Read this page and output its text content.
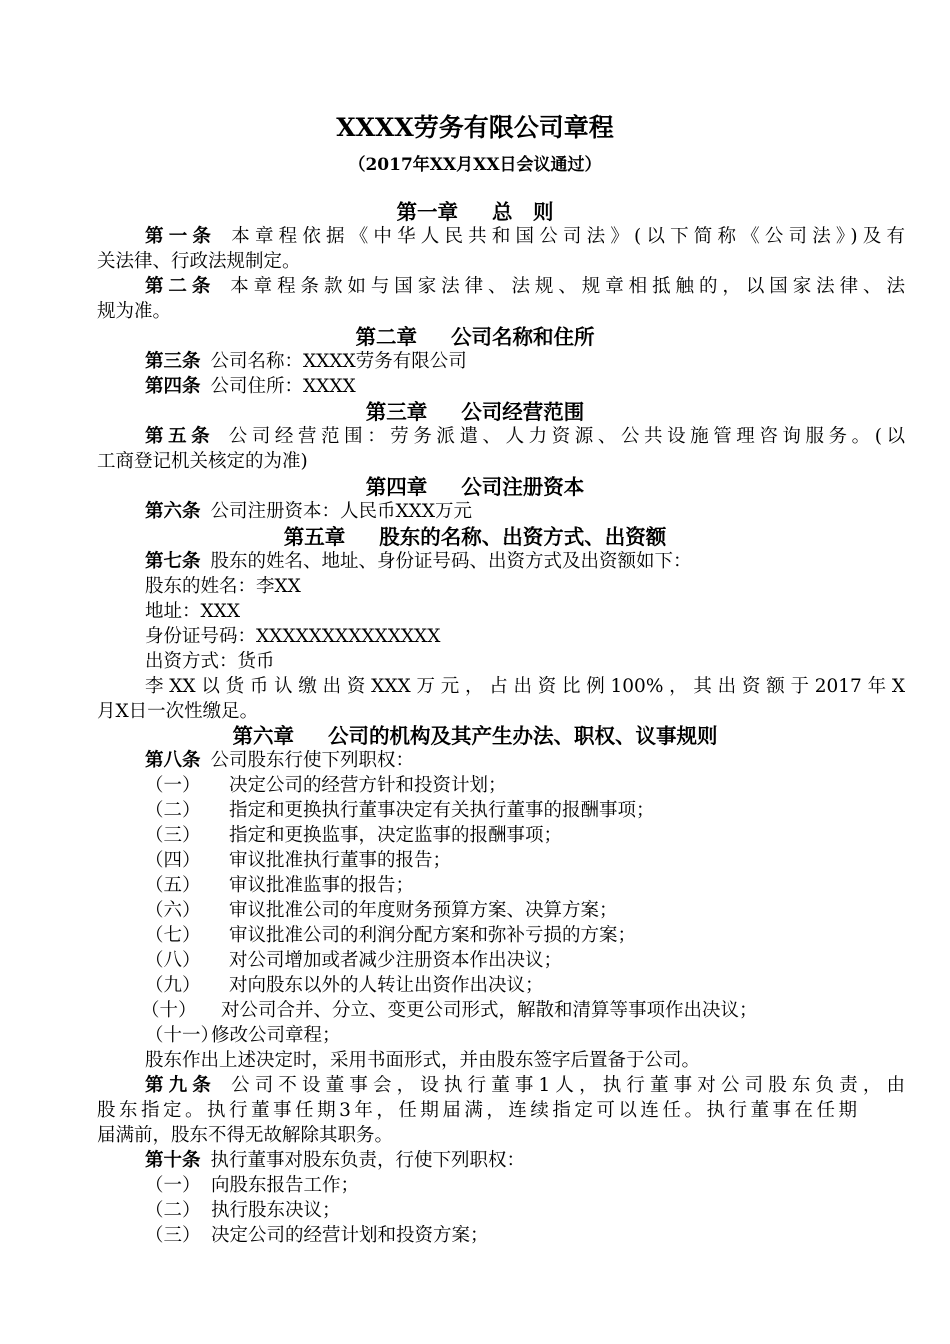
XXXX劳务有限公司章程
（2017年XX月XX日会议通过）
第一章 总　则
第一条 本章程依据《中华人民共和国公司法》(以下简称《公司法》)及有
关法律、行政法规制定。
第二条 本章程条款如与国家法律、法规、规章相抵触的，以国家法律、法
规为准。
第二章 公司名称和住所
第三条 公司名称：XXXX劳务有限公司
第四条 公司住所：XXXX
第三章 公司经营范围
第五条 公司经营范围：劳务派遣、人力资源、公共设施管理咨询服务。(以
工商登记机关核定的为准)
第四章 公司注册资本
第六条 公司注册资本：人民币XXX万元
第五章 股东的名称、出资方式、出资额
第七条 股东的姓名、地址、身份证号码、出资方式及出资额如下：
股东的姓名：李XX
地址：XXX
身份证号码：XXXXXXXXXXXXXX
出资方式：货币
李XX以货币认缴出资XXX万元，占出资比例100%，其出资额于2017年X
月X日一次性缴足。
第六章 公司的机构及其产生办法、职权、议事规则
第八条 公司股东行使下列职权：
（一） 决定公司的经营方针和投资计划；
（二） 指定和更换执行董事决定有关执行董事的报酬事项；
（三） 指定和更换监事，决定监事的报酬事项；
（四） 审议批准执行董事的报告；
（五） 审议批准监事的报告；
（六） 审议批准公司的年度财务预算方案、决算方案；
（七） 审议批准公司的利润分配方案和弥补亏损的方案；
（八） 对公司增加或者减少注册资本作出决议；
（九） 对向股东以外的人转让出资作出决议；
（十） 对公司合并、分立、变更公司形式，解散和清算等事项作出决议；
（十一）修改公司章程；
股东作出上述决定时，采用书面形式，并由股东签字后置备于公司。
第九条 公司不设董事会，设执行董事1人，执行董事对公司股东负责，由
股东指定。执行董事任期3年，任期届满，连续指定可以连任。执行董事在任期
届满前，股东不得无故解除其职务。
第十条 执行董事对股东负责，行使下列职权：
（一） 向股东报告工作；
（二） 执行股东决议；
（三） 决定公司的经营计划和投资方案；
